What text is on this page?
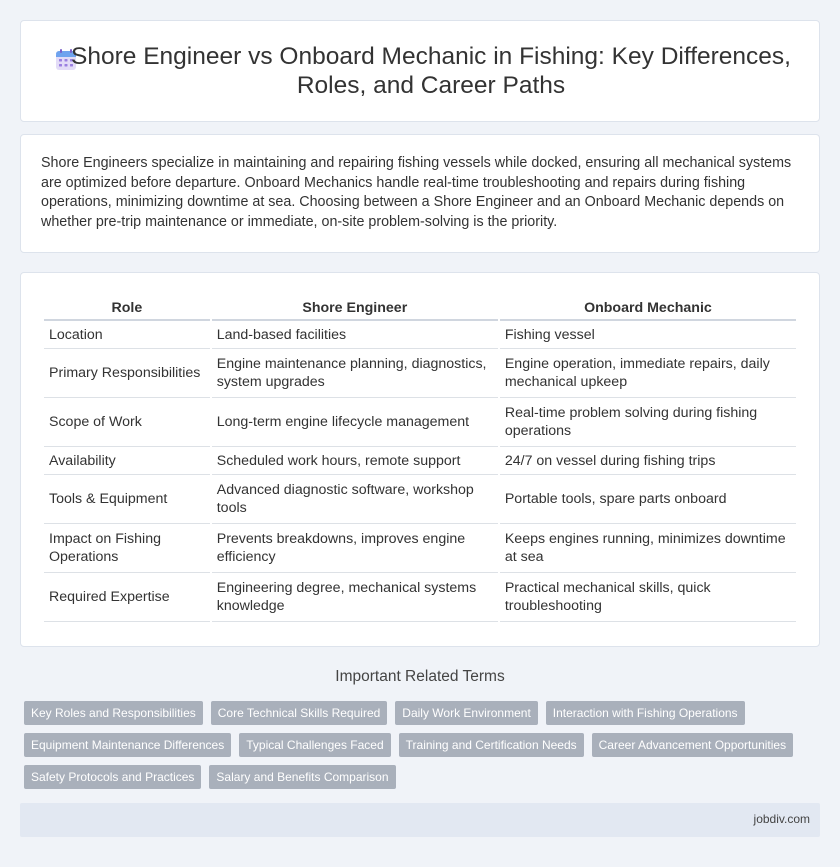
Shore Engineer vs Onboard Mechanic in Fishing: Key Differences, Roles, and Career Paths

Shore Engineers specialize in maintaining and repairing fishing vessels while docked, ensuring all mechanical systems are optimized before departure. Onboard Mechanics handle real-time troubleshooting and repairs during fishing operations, minimizing downtime at sea. Choosing between a Shore Engineer and an Onboard Mechanic depends on whether pre-trip maintenance or immediate, on-site problem-solving is the priority.

Role	Shore Engineer	Onboard Mechanic
Location	Land-based facilities	Fishing vessel
Primary Responsibilities	Engine maintenance planning, diagnostics, system upgrades	Engine operation, immediate repairs, daily mechanical upkeep
Scope of Work	Long-term engine lifecycle management	Real-time problem solving during fishing operations
Availability	Scheduled work hours, remote support	24/7 on vessel during fishing trips
Tools & Equipment	Advanced diagnostic software, workshop tools	Portable tools, spare parts onboard
Impact on Fishing Operations	Prevents breakdowns, improves engine efficiency	Keeps engines running, minimizes downtime at sea
Required Expertise	Engineering degree, mechanical systems knowledge	Practical mechanical skills, quick troubleshooting
Important Related Terms
Key Roles and Responsibilities	Core Technical Skills Required	Daily Work Environment	Interaction with Fishing Operations
Equipment Maintenance Differences	Typical Challenges Faced	Training and Certification Needs	Career Advancement Opportunities
Safety Protocols and Practices	Salary and Benefits Comparison
jobdiv.com
